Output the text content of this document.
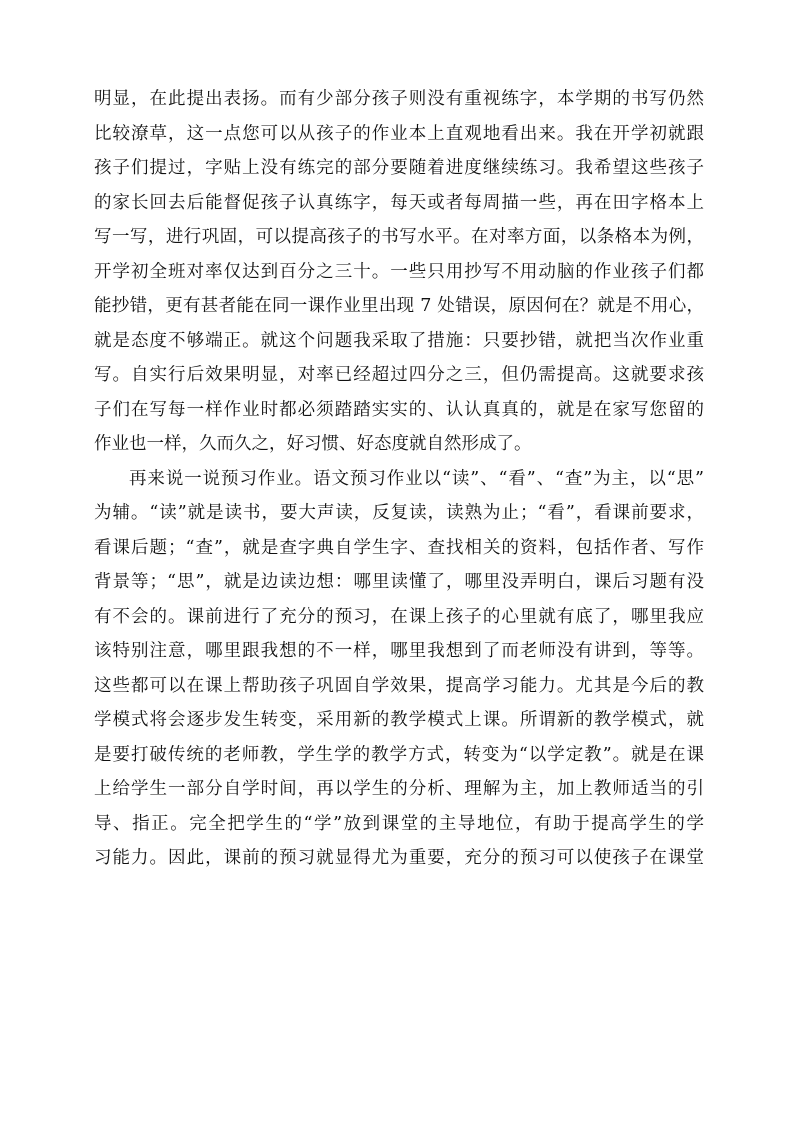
明显，在此提出表扬。而有少部分孩子则没有重视练字，本学期的书写仍然
比较潦草，这一点您可以从孩子的作业本上直观地看出来。我在开学初就跟
孩子们提过，字贴上没有练完的部分要随着进度继续练习。我希望这些孩子
的家长回去后能督促孩子认真练字，每天或者每周描一些，再在田字格本上
写一写，进行巩固，可以提高孩子的书写水平。在对率方面，以条格本为例，
开学初全班对率仅达到百分之三十。一些只用抄写不用动脑的作业孩子们都
能抄错，更有甚者能在同一课作业里出现 7 处错误，原因何在？就是不用心，
就是态度不够端正。就这个问题我采取了措施：只要抄错，就把当次作业重
写。自实行后效果明显，对率已经超过四分之三，但仍需提高。这就要求孩
子们在写每一样作业时都必须踏踏实实的、认认真真的，就是在家写您留的
作业也一样，久而久之，好习惯、好态度就自然形成了。
再来说一说预习作业。语文预习作业以“读”、“看”、“查”为主，以“思”
为辅。“读”就是读书，要大声读，反复读，读熟为止；“看”，看课前要求，
看课后题；“查”，就是查字典自学生字、查找相关的资料，包括作者、写作
背景等；“思”，就是边读边想：哪里读懂了，哪里没弄明白，课后习题有没
有不会的。课前进行了充分的预习，在课上孩子的心里就有底了，哪里我应
该特别注意，哪里跟我想的不一样，哪里我想到了而老师没有讲到，等等。
这些都可以在课上帮助孩子巩固自学效果，提高学习能力。尤其是今后的教
学模式将会逐步发生转变，采用新的教学模式上课。所谓新的教学模式，就
是要打破传统的老师教，学生学的教学方式，转变为“以学定教”。就是在课
上给学生一部分自学时间，再以学生的分析、理解为主，加上教师适当的引
导、指正。完全把学生的“学”放到课堂的主导地位，有助于提高学生的学
习能力。因此，课前的预习就显得尤为重要，充分的预习可以使孩子在课堂
